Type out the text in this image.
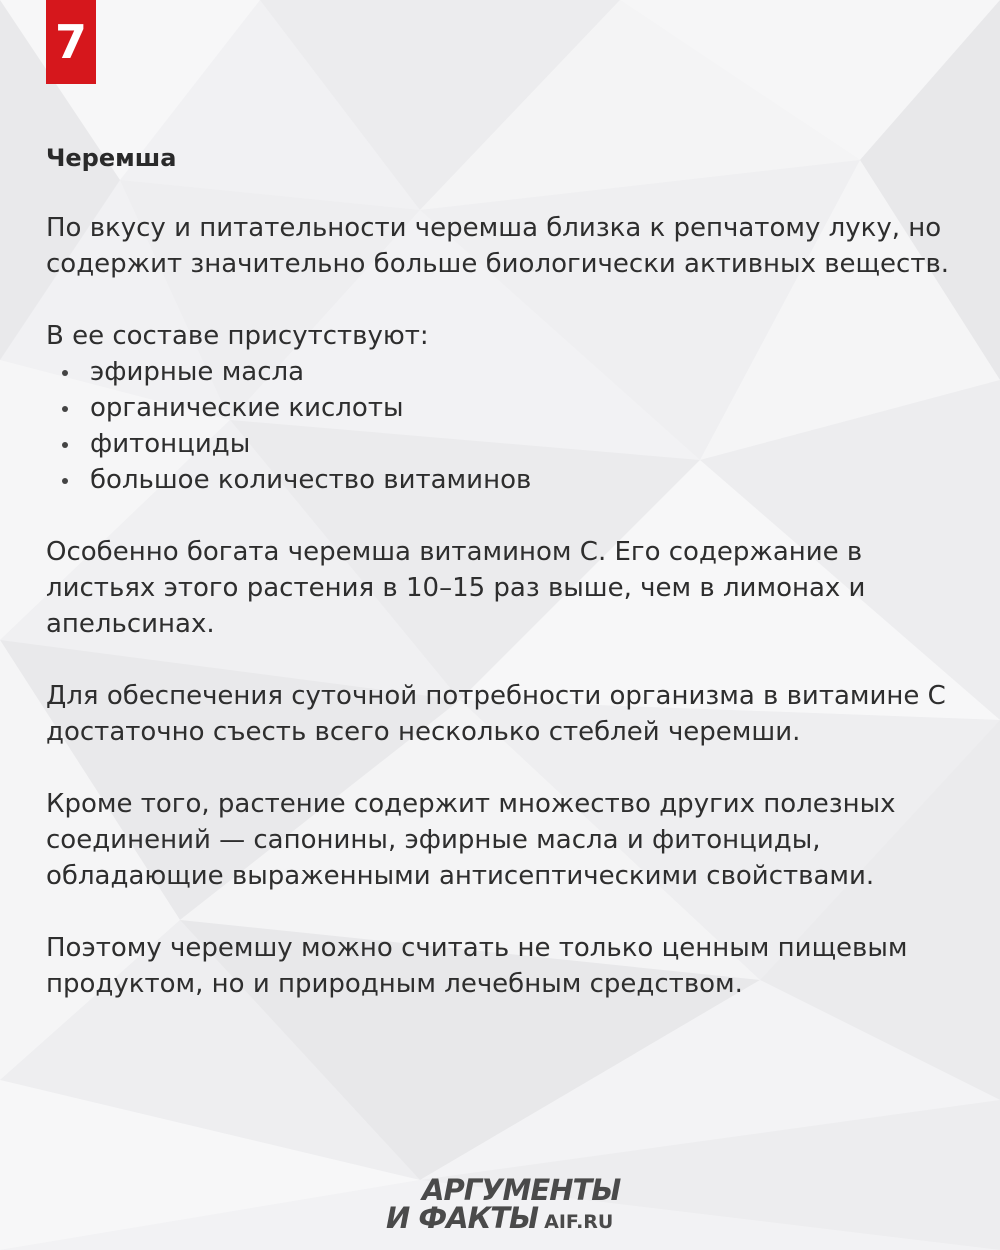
7
Черемша
По вкусу и питательности черемша близка к репчатому луку, но содержит значительно больше биологически активных веществ.
В ее составе присутствуют:
эфирные масла
органические кислоты
фитонциды
большое количество витаминов
Особенно богата черемша витамином С. Его содержание в листьях этого растения в 10–15 раз выше, чем в лимонах и апельсинах.
Для обеспечения суточной потребности организма в витамине С достаточно съесть всего несколько стеблей черемши.
Кроме того, растение содержит множество других полезных соединений — сапонины, эфирные масла и фитонциды, обладающие выраженными антисептическими свойствами.
Поэтому черемшу можно считать не только ценным пищевым продуктом, но и природным лечебным средством.
АРГУМЕНТЫ
И ФАКТЫ AIF.RU
